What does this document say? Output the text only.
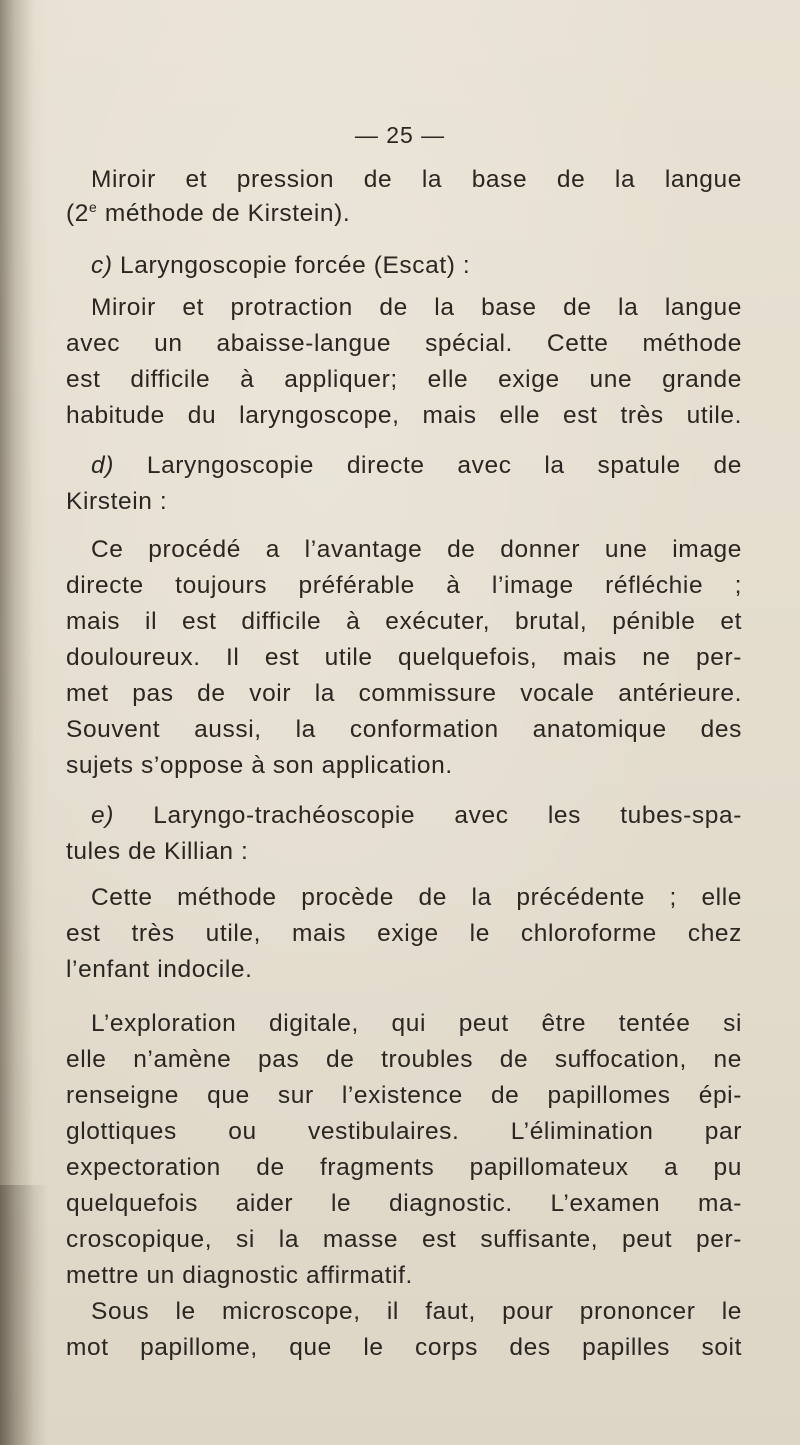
— 25 —
Miroir et pression de la base de la langue
(2e méthode de Kirstein).
c) Laryngoscopie forcée (Escat) :
Miroir et protraction de la base de la langue
avec un abaisse-langue spécial. Cette méthode
est difficile à appliquer; elle exige une grande
habitude du laryngoscope, mais elle est très utile.
d) Laryngoscopie directe avec la spatule de
Kirstein :
Ce procédé a l’avantage de donner une image
directe toujours préférable à l’image réfléchie ;
mais il est difficile à exécuter, brutal, pénible et
douloureux. Il est utile quelquefois, mais ne per-
met pas de voir la commissure vocale antérieure.
Souvent aussi, la conformation anatomique des
sujets s’oppose à son application.
e) Laryngo-trachéoscopie avec les tubes-spa-
tules de Killian :
Cette méthode procède de la précédente ; elle
est très utile, mais exige le chloroforme chez
l’enfant indocile.
L’exploration digitale, qui peut être tentée si
elle n’amène pas de troubles de suffocation, ne
renseigne que sur l’existence de papillomes épi-
glottiques ou vestibulaires. L’élimination par
expectoration de fragments papillomateux a pu
quelquefois aider le diagnostic. L’examen ma-
croscopique, si la masse est suffisante, peut per-
mettre un diagnostic affirmatif.
Sous le microscope, il faut, pour prononcer le
mot papillome, que le corps des papilles soit
